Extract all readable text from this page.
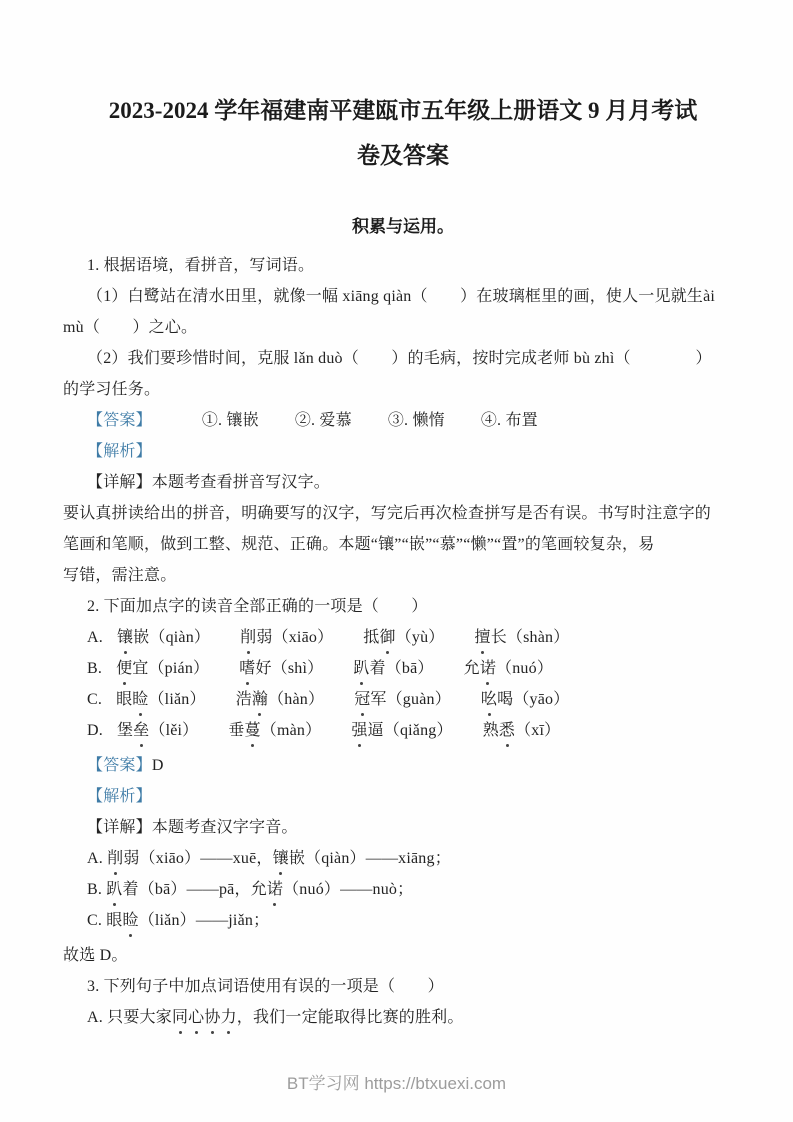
2023-2024 学年福建南平建瓯市五年级上册语文 9 月月考试
卷及答案
积累与运用。

1. 根据语境，看拼音，写词语。

（1）白鹭站在清水田里，就像一幅 xiāng qiàn（　　）在玻璃框里的画，使人一见就生ài

mù（　　）之心。

（2）我们要珍惜时间，克服 lǎn duò（　　）的毛病，按时完成老师 bù zhì（　　　　）

的学习任务。

【答案】	①. 镶嵌 ②. 爱慕 ③. 懒惰 ④. 布置

【解析】

【详解】本题考查看拼音写汉字。

要认真拼读给出的拼音，明确要写的汉字，写完后再次检查拼写是否有误。书写时注意字的

笔画和笔顺，做到工整、规范、正确。本题“镶”“嵌”“慕”“懒”“置”的笔画较复杂，易

写错，需注意。

2. 下面加点字的读音全部正确的一项是（　　）

A. 镶嵌（qiàn） 削弱（xiāo） 抵御（yù） 擅长（shàn）

B. 便宜（pián） 嗜好（shì） 趴着（bā） 允诺（nuó）

C. 眼睑（liǎn） 浩瀚（hàn） 冠军（guàn） 吆喝（yāo）

D. 堡垒（lěi） 垂蔓（màn） 强逼（qiǎng） 熟悉（xī）

【答案】D

【解析】

【详解】本题考查汉字字音。

A. 削弱（xiāo）——xuē，镶嵌（qiàn）——xiāng；

B. 趴着（bā）——pā，允诺（nuó）——nuò；

C. 眼睑（liǎn）——jiǎn；

故选 D。

3. 下列句子中加点词语使用有误的一项是（　　）

A. 只要大家同心协力，我们一定能取得比赛的胜利。

BT学习网 https://btxuexi.com
